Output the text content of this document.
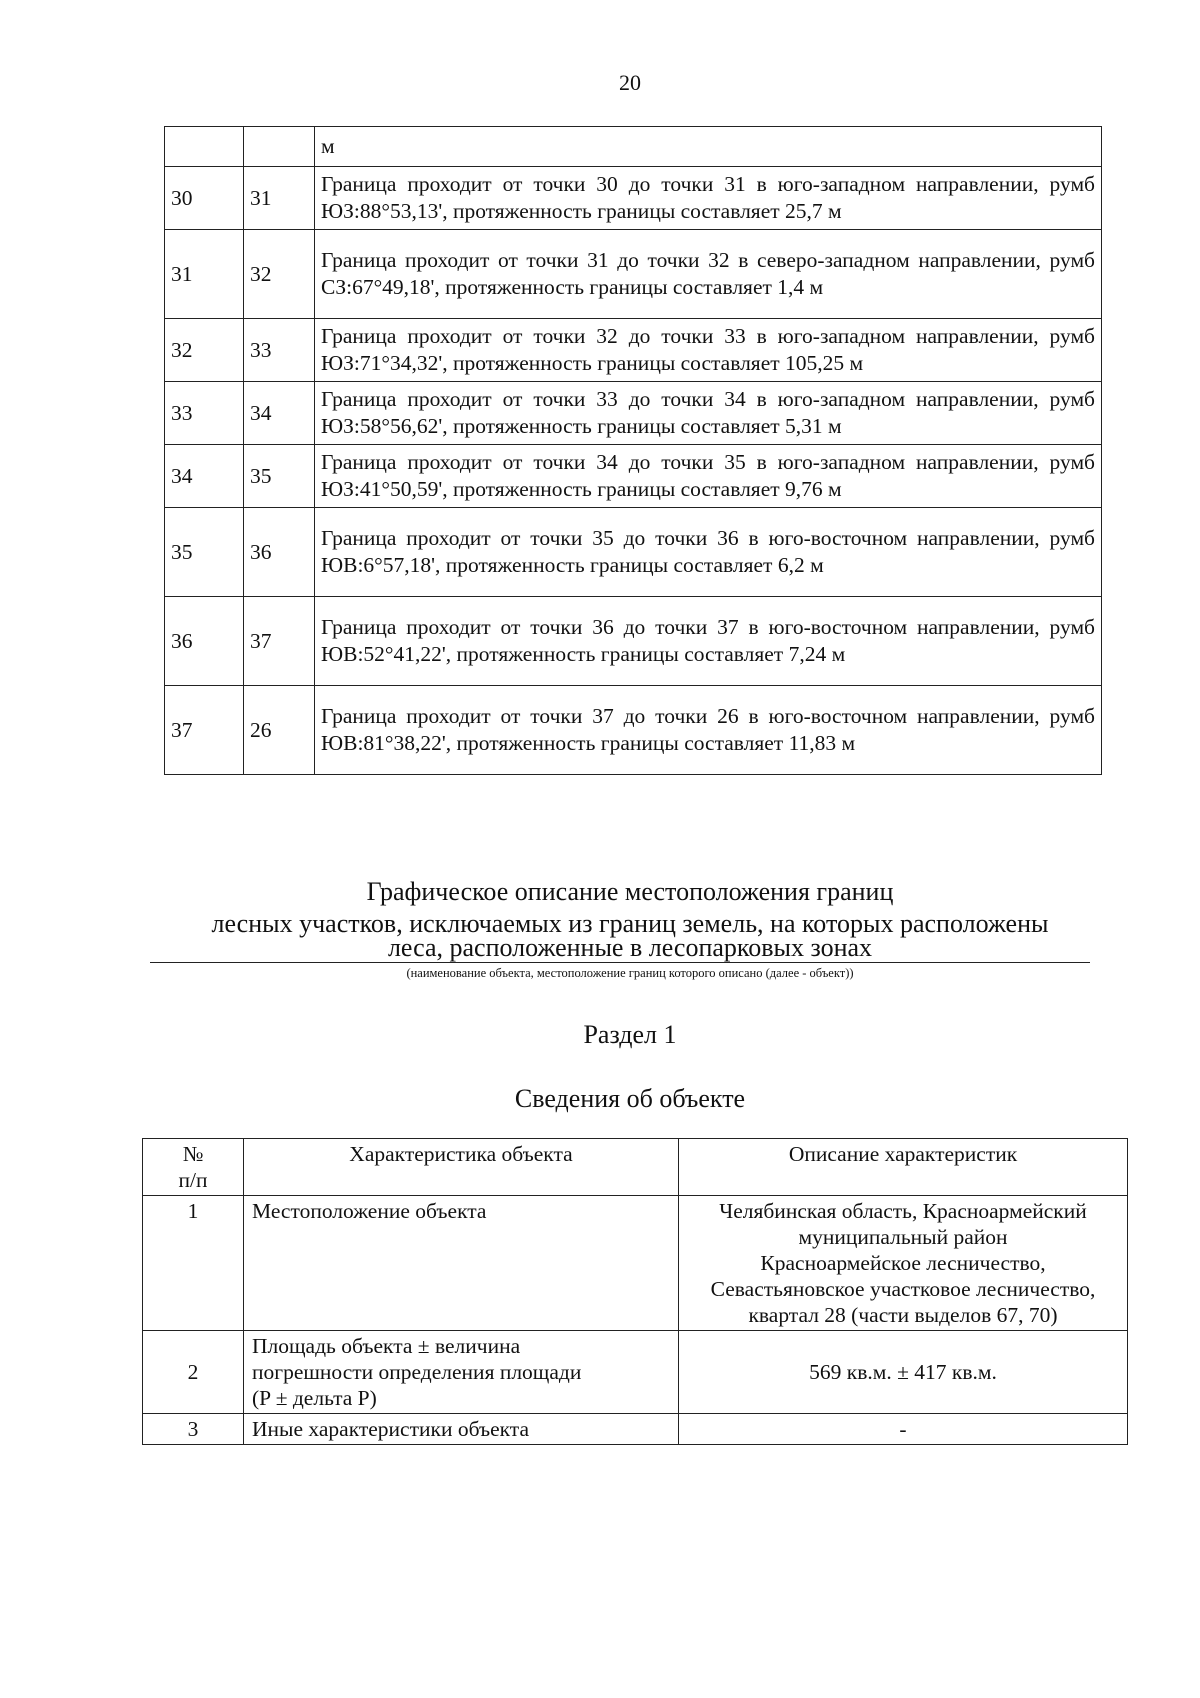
20
		м
30	31	Граница проходит от точки 30 до точки 31 в юго-западном направлении, румб ЮЗ:88°53,13', протяженность границы составляет 25,7 м
31	32	Граница проходит от точки 31 до точки 32 в северо-западном направлении, румб СЗ:67°49,18', протяженность границы составляет 1,4 м
32	33	Граница проходит от точки 32 до точки 33 в юго-западном направлении, румб ЮЗ:71°34,32', протяженность границы составляет 105,25 м
33	34	Граница проходит от точки 33 до точки 34 в юго-западном направлении, румб ЮЗ:58°56,62', протяженность границы составляет 5,31 м
34	35	Граница проходит от точки 34 до точки 35 в юго-западном направлении, румб ЮЗ:41°50,59', протяженность границы составляет 9,76 м
35	36	Граница проходит от точки 35 до точки 36 в юго-восточном направлении, румб ЮВ:6°57,18', протяженность границы составляет 6,2 м
36	37	Граница проходит от точки 36 до точки 37 в юго-восточном направлении, румб ЮВ:52°41,22', протяженность границы составляет 7,24 м
37	26	Граница проходит от точки 37 до точки 26 в юго-восточном направлении, румб ЮВ:81°38,22', протяженность границы составляет 11,83 м
Графическое описание местоположения границ
лесных участков, исключаемых из границ земель, на которых расположены
леса, расположенные в лесопарковых зонах
(наименование объекта, местоположение границ которого описано (далее - объект))
Раздел 1
Сведения об объекте
№
п/п	Характеристика объекта	Описание характеристик
1	Местоположение объекта	Челябинская область, Красноармейский
муниципальный район
Красноармейское лесничество,
Севастьяновское участковое лесничество,
квартал 28 (части выделов 67, 70)

2	Площадь объекта ± величина
погрешности определения площади
(P ± дельта P)	569 кв.м. ± 417 кв.м.

3	Иные характеристики объекта	-
